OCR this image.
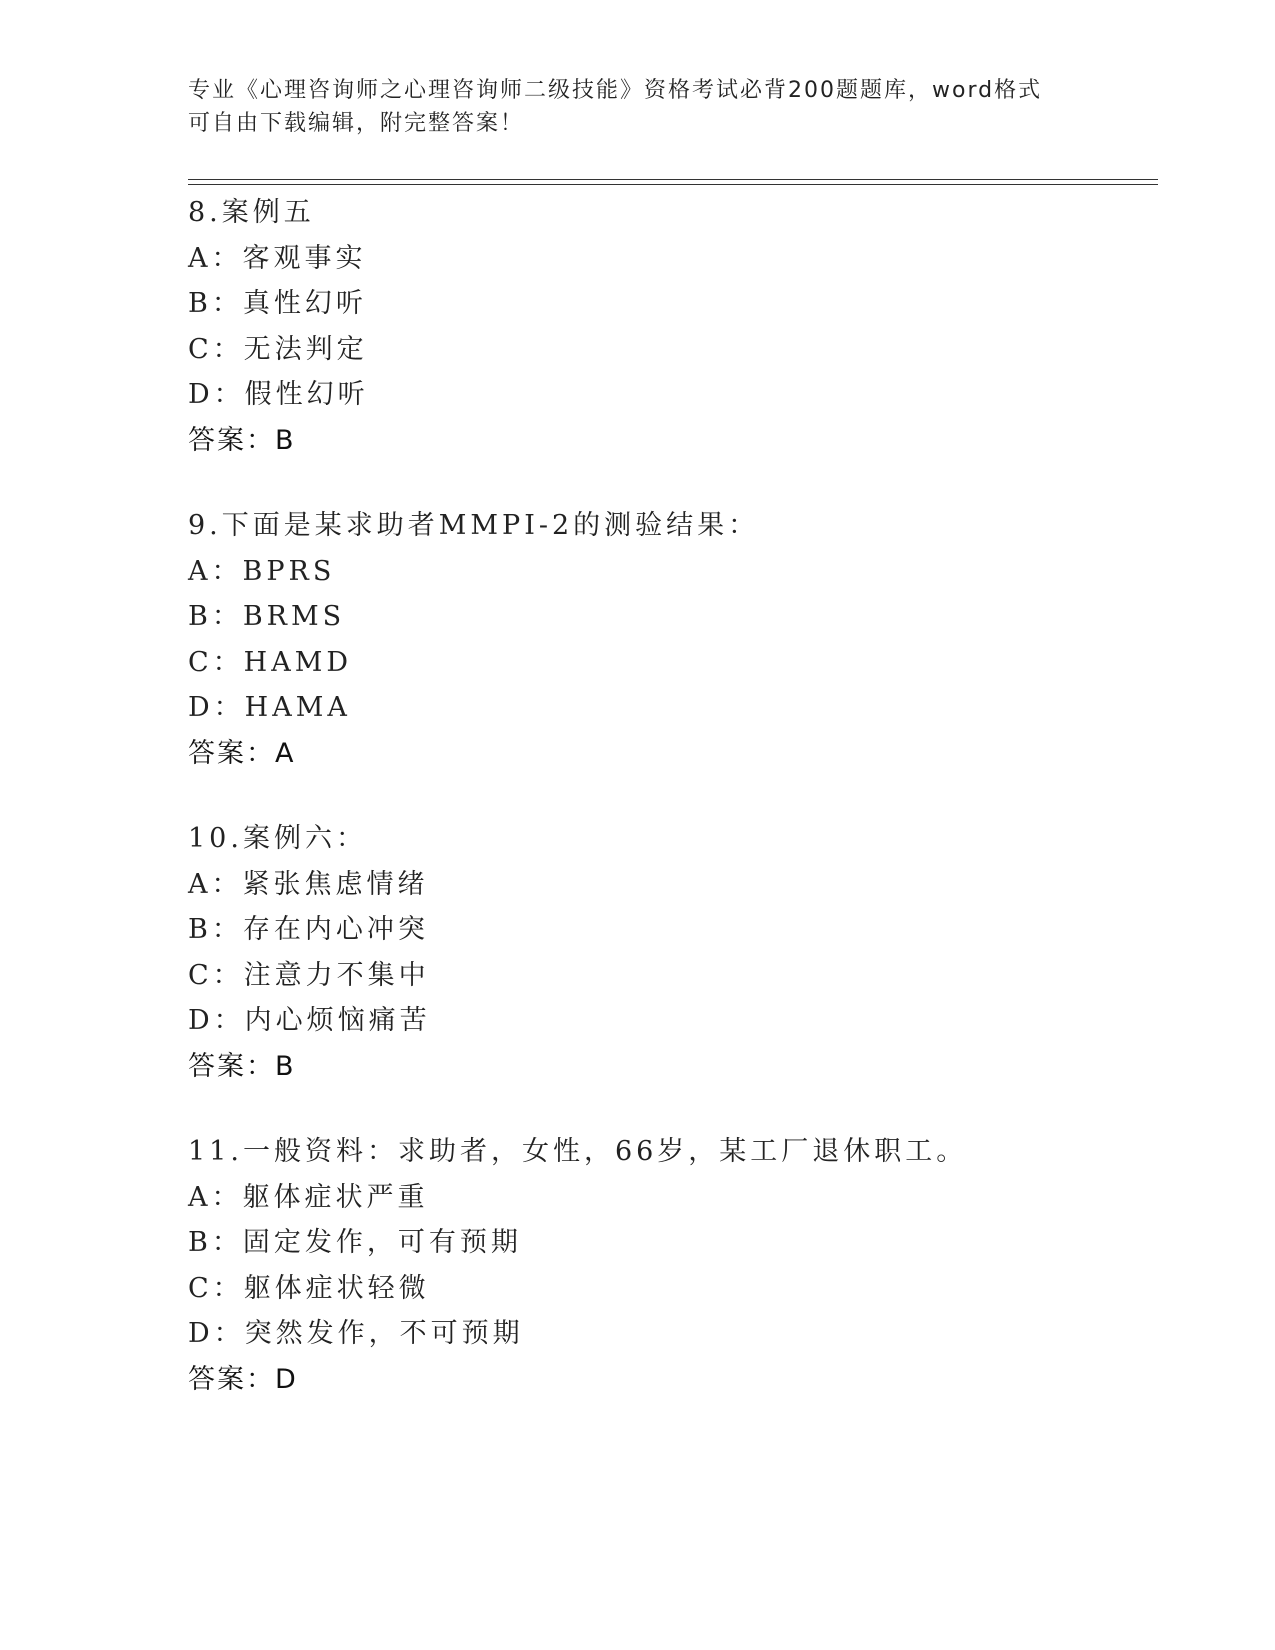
专业《心理咨询师之心理咨询师二级技能》资格考试必背200题题库，word格式
可自由下载编辑，附完整答案！
8.案例五
A：客观事实
B：真性幻听
C：无法判定
D：假性幻听
答案：B
9.下面是某求助者MMPI-2的测验结果：
A：BPRS
B：BRMS
C：HAMD
D：HAMA
答案：A
10.案例六：
A：紧张焦虑情绪
B：存在内心冲突
C：注意力不集中
D：内心烦恼痛苦
答案：B
11.一般资料：求助者，女性，66岁，某工厂退休职工。
A：躯体症状严重
B：固定发作，可有预期
C：躯体症状轻微
D：突然发作，不可预期
答案：D
